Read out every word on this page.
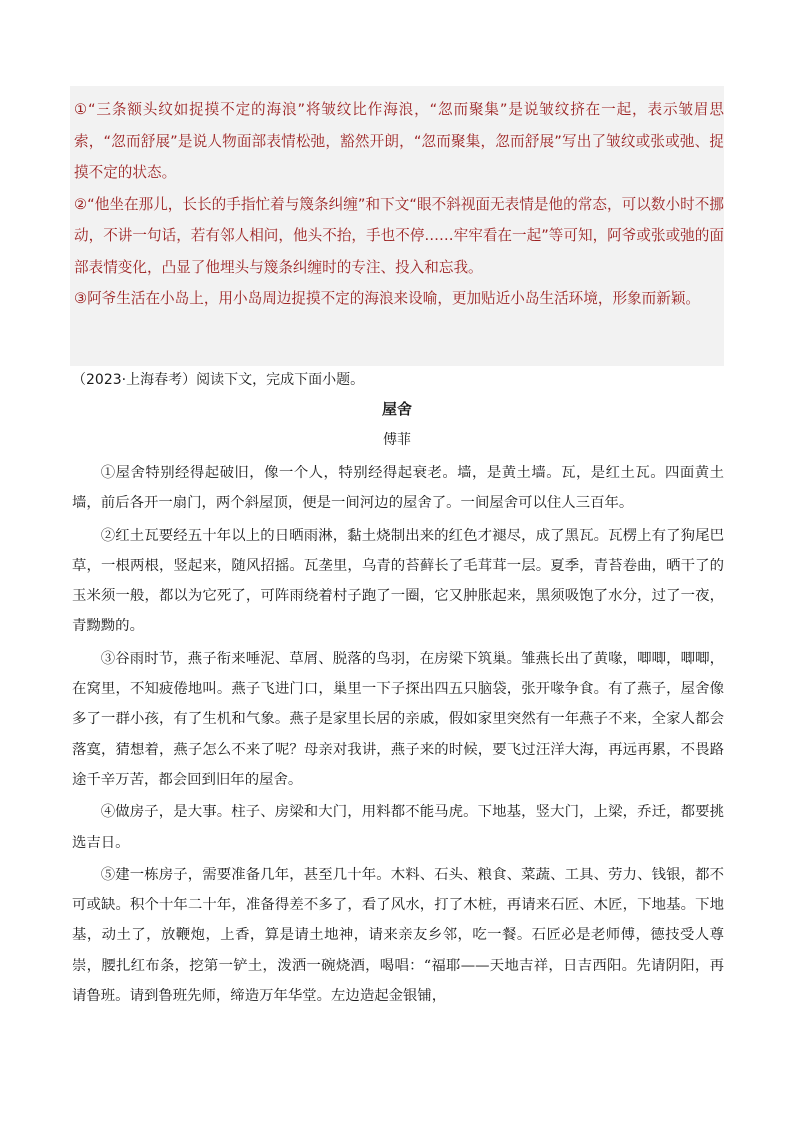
①“三条额头纹如捉摸不定的海浪”将皱纹比作海浪，“忽而聚集”是说皱纹挤在一起，表示皱眉思索，“忽而舒展”是说人物面部表情松弛，豁然开朗，“忽而聚集，忽而舒展”写出了皱纹或张或弛、捉摸不定的状态。

②“他坐在那儿，长长的手指忙着与篾条纠缠”和下文“眼不斜视面无表情是他的常态，可以数小时不挪动，不讲一句话，若有邻人相问，他头不抬，手也不停……牢牢看在一起”等可知，阿爷或张或弛的面部表情变化，凸显了他埋头与篾条纠缠时的专注、投入和忘我。

③阿爷生活在小岛上，用小岛周边捉摸不定的海浪来设喻，更加贴近小岛生活环境，形象而新颖。

（2023·上海春考）阅读下文，完成下面小题。

屋舍
傅菲

①屋舍特别经得起破旧，像一个人，特别经得起衰老。墙，是黄土墙。瓦，是红土瓦。四面黄土墙，前后各开一扇门，两个斜屋顶，便是一间河边的屋舍了。一间屋舍可以住人三百年。

②红土瓦要经五十年以上的日晒雨淋，黏土烧制出来的红色才褪尽，成了黑瓦。瓦楞上有了狗尾巴草，一根两根，竖起来，随风招摇。瓦垄里，乌青的苔藓长了毛茸茸一层。夏季，青苔卷曲，晒干了的玉米须一般，都以为它死了，可阵雨绕着村子跑了一圈，它又肿胀起来，黑须吸饱了水分，过了一夜，青黝黝的。

③谷雨时节，燕子衔来唾泥、草屑、脱落的鸟羽，在房梁下筑巢。雏燕长出了黄喙，唧唧，唧唧，在窝里，不知疲倦地叫。燕子飞进门口，巢里一下子探出四五只脑袋，张开喙争食。有了燕子，屋舍像多了一群小孩，有了生机和气象。燕子是家里长居的亲戚，假如家里突然有一年燕子不来，全家人都会落寞，猜想着，燕子怎么不来了呢？母亲对我讲，燕子来的时候，要飞过汪洋大海，再远再累，不畏路途千辛万苦，都会回到旧年的屋舍。

④做房子，是大事。柱子、房梁和大门，用料都不能马虎。下地基，竖大门，上梁，乔迁，都要挑选吉日。

⑤建一栋房子，需要准备几年，甚至几十年。木料、石头、粮食、菜蔬、工具、劳力、钱银，都不可或缺。积个十年二十年，准备得差不多了，看了风水，打了木桩，再请来石匠、木匠，下地基。下地基，动土了，放鞭炮，上香，算是请土地神，请来亲友乡邻，吃一餐。石匠必是老师傅，德技受人尊崇，腰扎红布条，挖第一铲土，泼洒一碗烧酒，喝唱：“福耶——天地吉祥，日吉西阳。先请阴阳，再请鲁班。请到鲁班先师，缔造万年华堂。左边造起金银铺，
